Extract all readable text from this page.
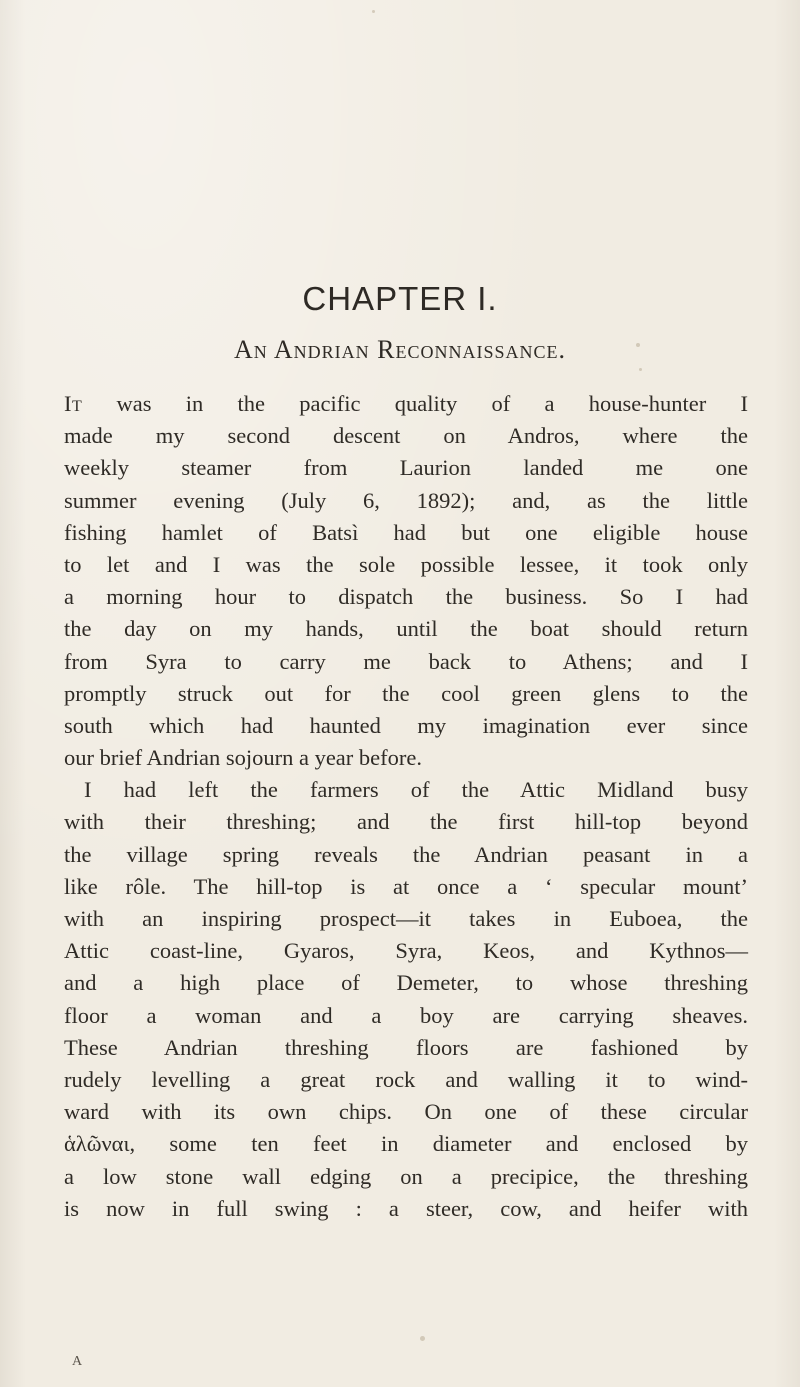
CHAPTER I.
An Andrian Reconnaissance.
It was in the pacific quality of a house-hunter I
made my second descent on Andros, where the
weekly steamer from Laurion landed me one
summer evening (July 6, 1892); and, as the little
fishing hamlet of Batsì had but one eligible house
to let and I was the sole possible lessee, it took only
a morning hour to dispatch the business. So I had
the day on my hands, until the boat should return
from Syra to carry me back to Athens; and I
promptly struck out for the cool green glens to the
south which had haunted my imagination ever since
our brief Andrian sojourn a year before.
I had left the farmers of the Attic Midland busy
with their threshing; and the first hill-top beyond
the village spring reveals the Andrian peasant in a
like rôle. The hill-top is at once a ‘ specular mount’
with an inspiring prospect—it takes in Euboea, the
Attic coast-line, Gyaros, Syra, Keos, and Kythnos—
and a high place of Demeter, to whose threshing
floor a woman and a boy are carrying sheaves.
These Andrian threshing floors are fashioned by
rudely levelling a great rock and walling it to wind-
ward with its own chips. On one of these circular
ἁλῶναι, some ten feet in diameter and enclosed by
a low stone wall edging on a precipice, the threshing
is now in full swing : a steer, cow, and heifer with
A
